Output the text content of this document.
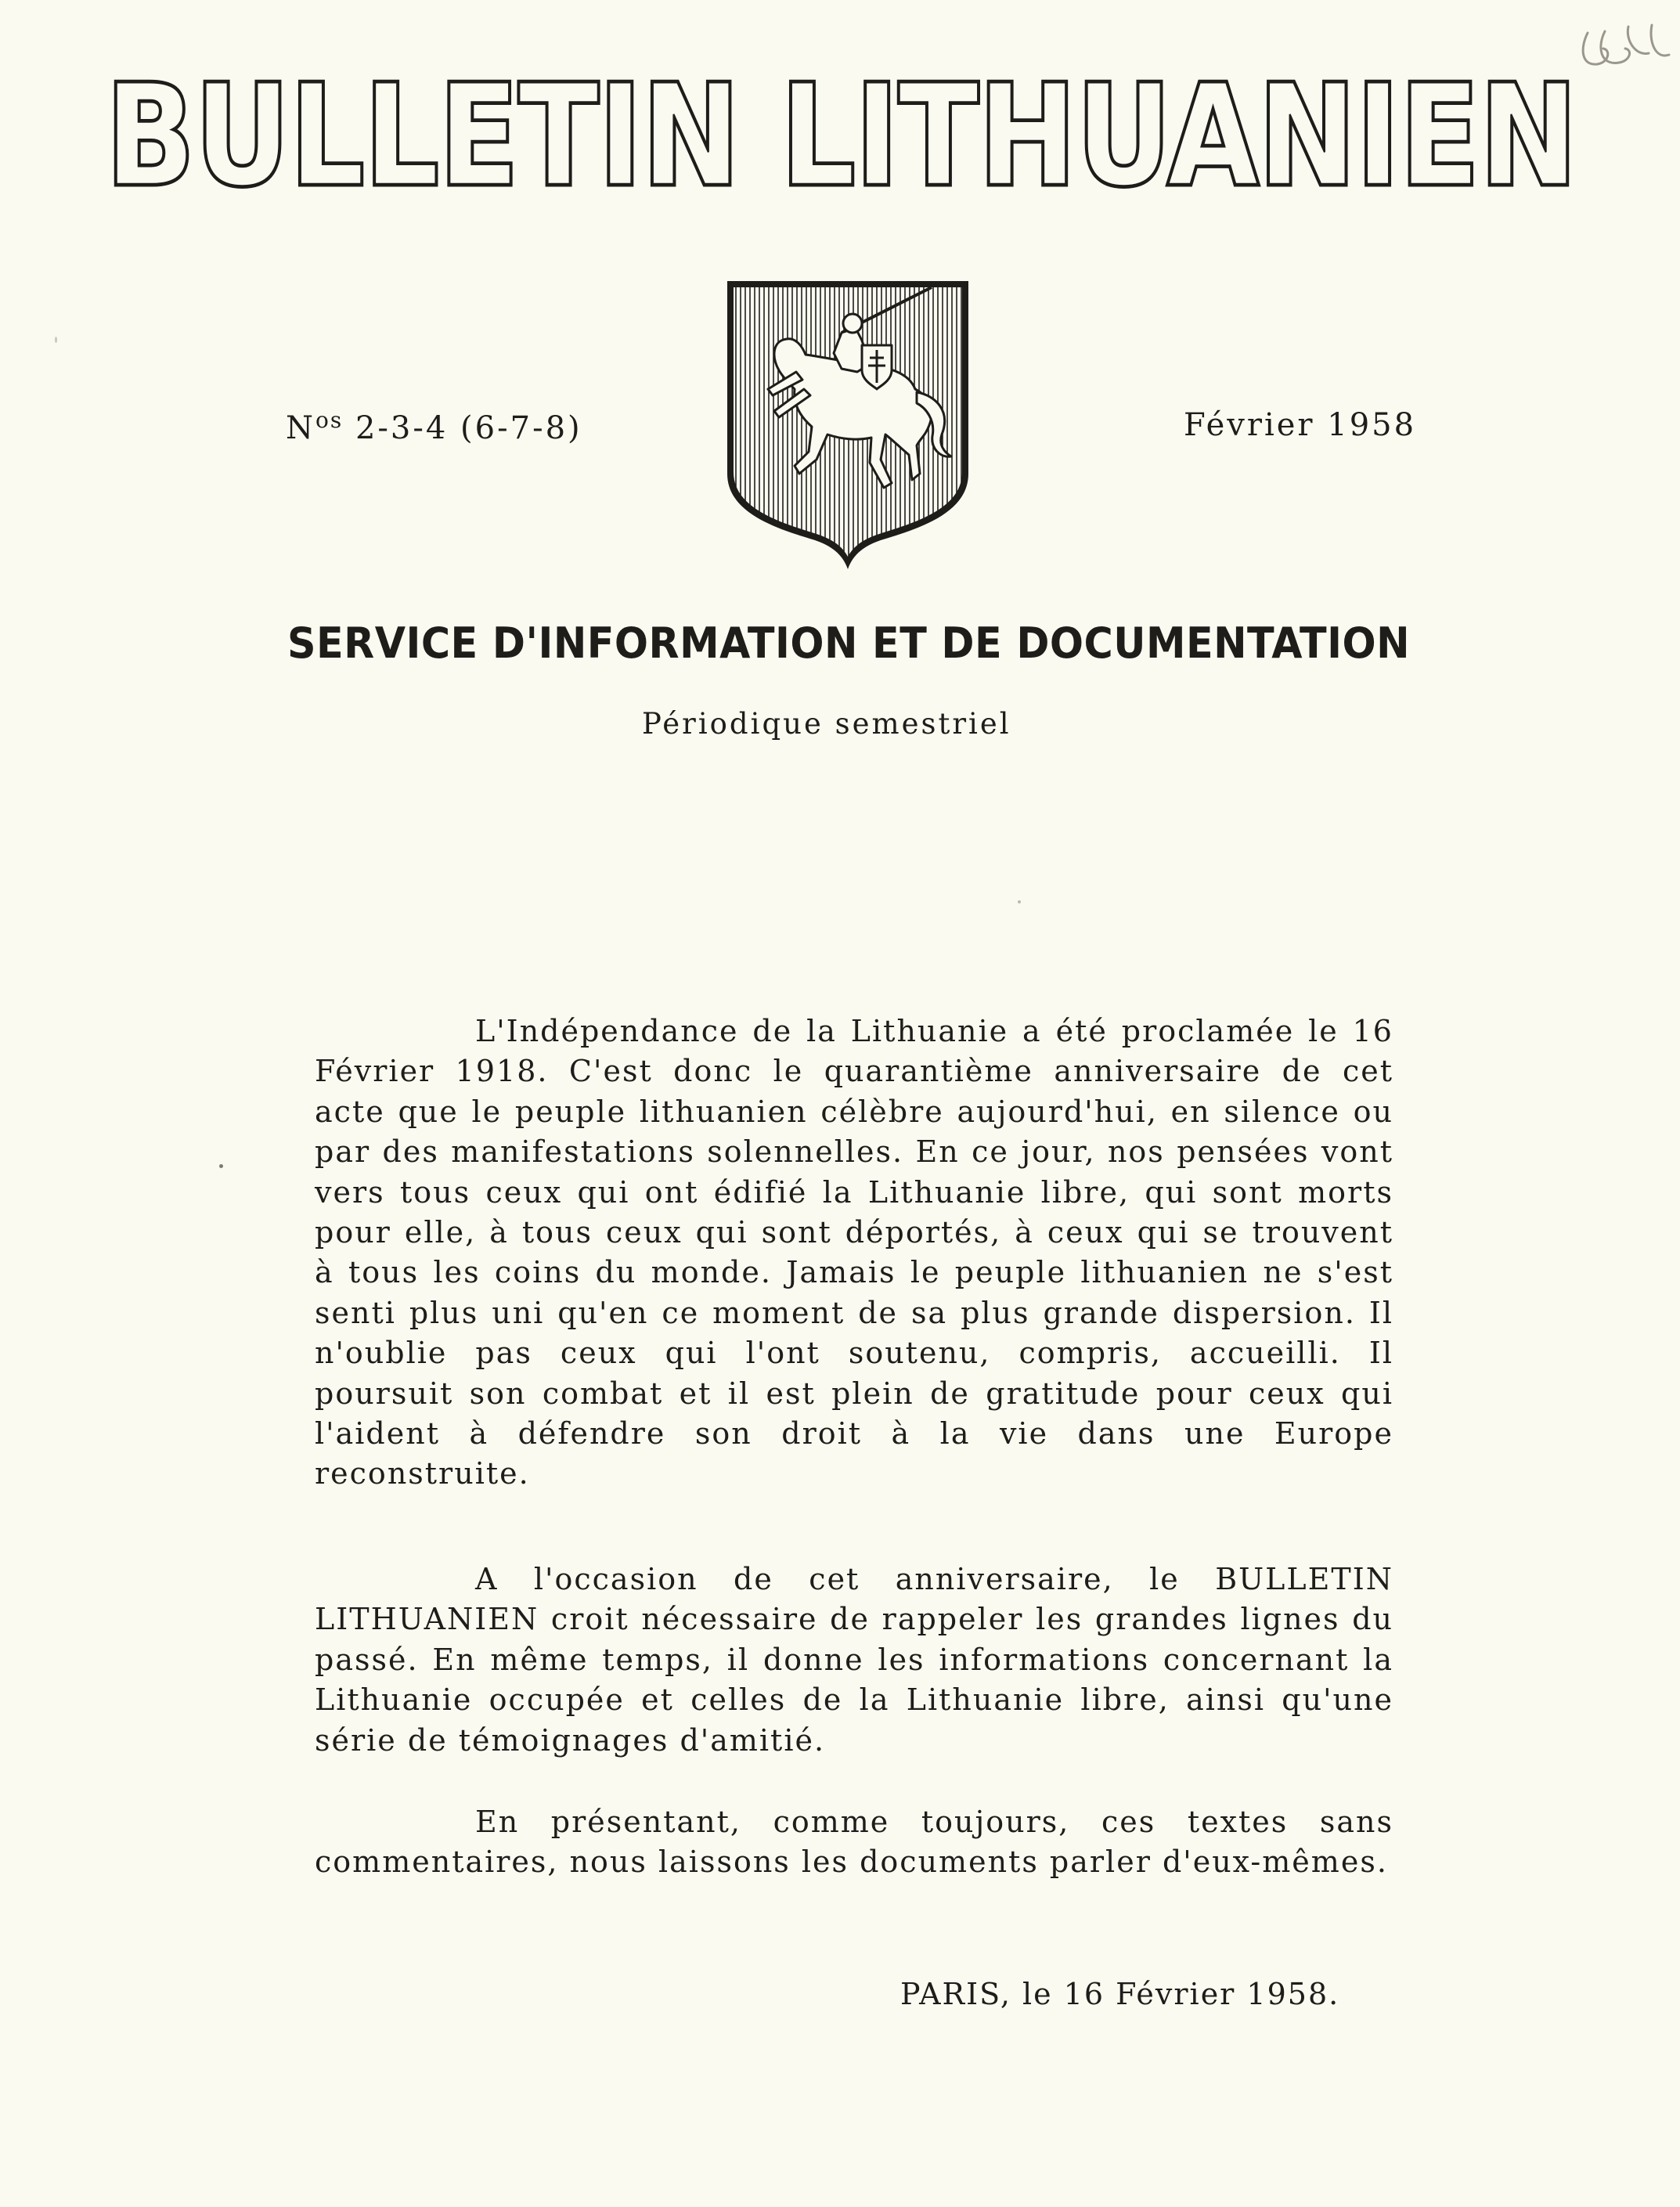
BULLETIN LITHUANIEN
BULLETIN LITHUANIEN
$N^{os}$ 2-3-4 (6-7-8)	Février 1958
SERVICE D'INFORMATION ET DE DOCUMENTATION
Périodique semestriel

L'Indépendance de la Lithuanie a été proclamée le 16 Février 1918. C'est donc le quarantième anniversaire de cet acte que le peuple lithuanien célèbre aujourd'hui, en silence ou par des manifestations solennelles. En ce jour, nos pensées vont vers tous ceux qui ont édifié la Lithuanie libre, qui sont morts pour elle, à tous ceux qui sont déportés, à ceux qui se trouvent à tous les coins du monde. Jamais le peuple lithuanien ne s'est senti plus uni qu'en ce moment de sa plus grande dispersion. Il n'oublie pas ceux qui l'ont soutenu, compris, accueilli. Il poursuit son combat et il est plein de gratitude pour ceux qui l'aident à défendre son droit à la vie dans une Europe reconstruite.

A l'occasion de cet anniversaire, le BULLETIN LITHUANIEN croit nécessaire de rappeler les grandes lignes du passé. En même temps, il donne les informations concernant la Lithuanie occupée et celles de la Lithuanie libre, ainsi qu'une série de témoignages d'amitié.

En présentant, comme toujours, ces textes sans commentaires, nous laissons les documents parler d'eux-mêmes.

PARIS, le 16 Février 1958.
